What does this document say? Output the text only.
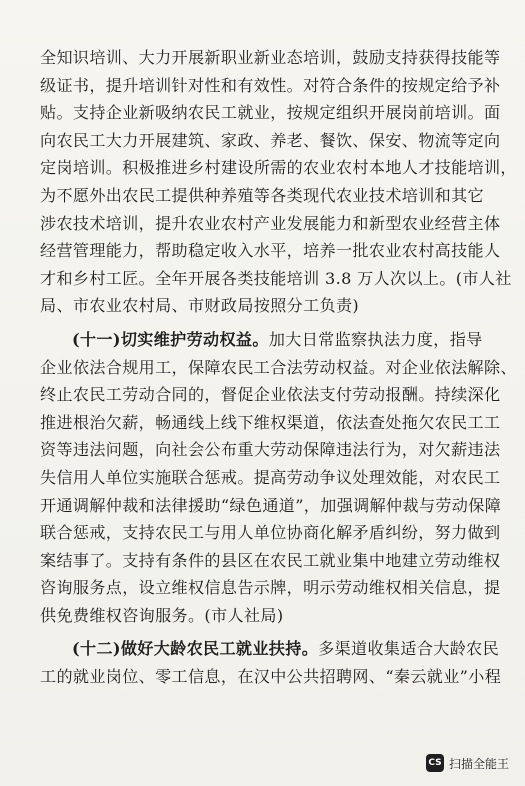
全知识培训、大力开展新职业新业态培训，鼓励支持获得技能等
级证书，提升培训针对性和有效性。对符合条件的按规定给予补
贴。支持企业新吸纳农民工就业，按规定组织开展岗前培训。面
向农民工大力开展建筑、家政、养老、餐饮、保安、物流等定向
定岗培训。积极推进乡村建设所需的农业农村本地人才技能培训，
为不愿外出农民工提供种养殖等各类现代农业技术培训和其它
涉农技术培训，提升农业农村产业发展能力和新型农业经营主体
经营管理能力，帮助稳定收入水平，培养一批农业农村高技能人
才和乡村工匠。全年开展各类技能培训 3.8 万人次以上。(市人社
局、市农业农村局、市财政局按照分工负责)
(十一)切实维护劳动权益。加大日常监察执法力度，指导
企业依法合规用工，保障农民工合法劳动权益。对企业依法解除、
终止农民工劳动合同的，督促企业依法支付劳动报酬。持续深化
推进根治欠薪，畅通线上线下维权渠道，依法查处拖欠农民工工
资等违法问题，向社会公布重大劳动保障违法行为，对欠薪违法
失信用人单位实施联合惩戒。提高劳动争议处理效能，对农民工
开通调解仲裁和法律援助“绿色通道”，加强调解仲裁与劳动保障
联合惩戒，支持农民工与用人单位协商化解矛盾纠纷，努力做到
案结事了。支持有条件的县区在农民工就业集中地建立劳动维权
咨询服务点，设立维权信息告示牌，明示劳动维权相关信息，提
供免费维权咨询服务。(市人社局)
(十二)做好大龄农民工就业扶持。多渠道收集适合大龄农民
工的就业岗位、零工信息，在汉中公共招聘网、“秦云就业”小程
CS 扫描全能王
